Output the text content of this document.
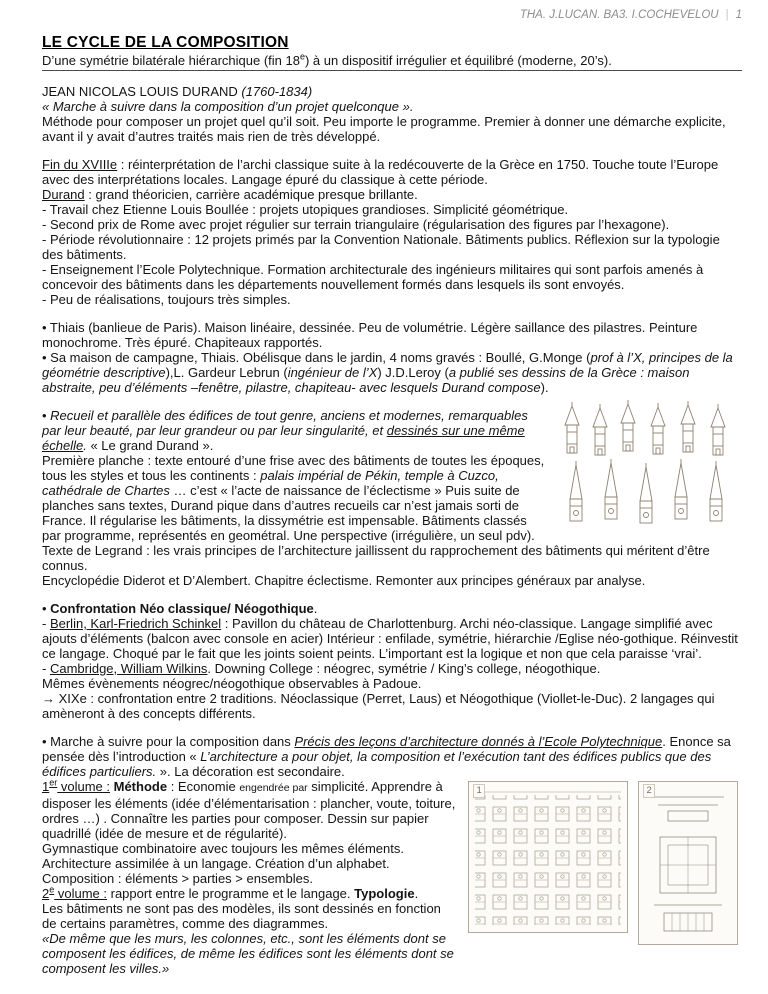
THA. J.LUCAN. BA3. I.COCHEVELOU | 1
LE CYCLE DE LA COMPOSITION
D’une symétrie bilatérale hiérarchique (fin 18e) à un dispositif irrégulier et équilibré (moderne, 20’s).

JEAN NICOLAS LOUIS DURAND (1760-1834)

« Marche à suivre dans la composition d’un projet quelconque ».

Méthode pour composer un projet quel qu’il soit. Peu importe le programme. Premier à donner une démarche explicite, avant il y avait d’autres traités mais rien de très développé.

Fin du XVIIIe : réinterprétation de l’archi classique suite à la redécouverte de la Grèce en 1750. Touche toute l’Europe avec des interprétations locales. Langage épuré du classique à cette période.

Durand : grand théoricien, carrière académique presque brillante.

- Travail chez Etienne Louis Boullée : projets utopiques grandioses. Simplicité géométrique.

- Second prix de Rome avec projet régulier sur terrain triangulaire (régularisation des figures par l’hexagone).

- Période révolutionnaire : 12 projets primés par la Convention Nationale. Bâtiments publics. Réflexion sur la typologie des bâtiments.

- Enseignement l’Ecole Polytechnique. Formation architecturale des ingénieurs militaires qui sont parfois amenés à concevoir des bâtiments dans les départements nouvellement formés dans lesquels ils sont envoyés.

- Peu de réalisations, toujours très simples.

• Thiais (banlieue de Paris). Maison linéaire, dessinée. Peu de volumétrie. Légère saillance des pilastres. Peinture monochrome. Très épuré. Chapiteaux rapportés.

• Sa maison de campagne, Thiais. Obélisque dans le jardin, 4 noms gravés : Boullé, G.Monge (prof à l’X, principes de la géométrie descriptive),L. Gardeur Lebrun (ingénieur de l’X) J.D.Leroy (a publié ses dessins de la Grèce : maison abstraite, peu d’éléments –fenêtre, pilastre, chapiteau- avec lesquels Durand compose).

• Recueil et parallèle des édifices de tout genre, anciens et modernes, remarquables par leur beauté, par leur grandeur ou par leur singularité, et dessinés sur une même échelle. « Le grand Durand ».

Première planche : texte entouré d’une frise avec des bâtiments de toutes les époques, tous les styles et tous les continents : palais impérial de Pékin, temple à Cuzco, cathédrale de Chartes … c’est « l’acte de naissance de l’éclectisme » Puis suite de planches sans textes, Durand pique dans d’autres recueils car n’est jamais sorti de France. Il régularise les bâtiments, la dissymétrie est impensable. Bâtiments classés par programme, représentés en geométral. Une perspective (irrégulière, un seul pdv).

Texte de Legrand : les vrais principes de l’architecture jaillissent du rapprochement des bâtiments qui méritent d’être connus.

Encyclopédie Diderot et D’Alembert. Chapitre éclectisme. Remonter aux principes généraux par analyse.

• Confrontation Néo classique/ Néogothique.

- Berlin, Karl-Friedrich Schinkel : Pavillon du château de Charlottenburg. Archi néo-classique. Langage simplifié avec ajouts d’éléments (balcon avec console en acier) Intérieur : enfilade, symétrie, hiérarchie /Eglise néo-gothique. Réinvestit ce langage. Choqué par le fait que les joints soient peints. L’important est la logique et non que cela paraisse ‘vrai’.

- Cambridge, William Wilkins. Downing College : néogrec, symétrie / King’s college, néogothique.

Mêmes évènements néogrec/néogothique observables à Padoue.

→ XIXe : confrontation entre 2 traditions. Néoclassique (Perret, Laus) et Néogothique (Viollet-le-Duc). 2 langages qui amèneront à des concepts différents.

• Marche à suivre pour la composition dans Précis des leçons d’architecture donnés à l’Ecole Polytechnique. Enonce sa pensée dès l’introduction « L’architecture a pour objet, la composition et l’exécution tant des édifices publics que des édifices particuliers. ». La décoration est secondaire.

1	2

1er volume : Méthode : Economie engendrée par simplicité. Apprendre à disposer les éléments (idée d’élémentarisation : plancher, voute, toiture, ordres …) . Connaître les parties pour composer. Dessin sur papier quadrillé (idée de mesure et de régularité).

Gymnastique combinatoire avec toujours les mêmes éléments.

Architecture assimilée à un langage. Création d’un alphabet.

Composition : éléments > parties > ensembles.

2e volume : rapport entre le programme et le langage. Typologie.

Les bâtiments ne sont pas des modèles, ils sont dessinés en fonction de certains paramètres, comme des diagrammes.

«De même que les murs, les colonnes, etc., sont les éléments dont se composent les édifices, de même les édifices sont les éléments dont se composent les villes.»
